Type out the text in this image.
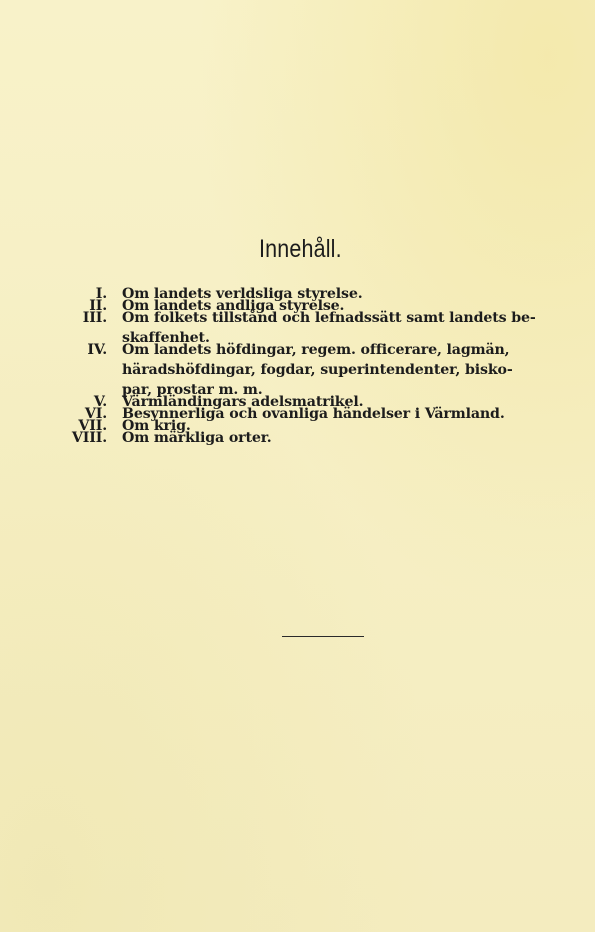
Innehåll.
I. Om landets verldsliga styrelse.
II. Om landets andliga styrelse.
III. Om folkets tillstånd och lefnadssätt samt landets be-
skaffenhet.
IV. Om landets höfdingar, regem. officerare, lagmän,
häradshöfdingar, fogdar, superintendenter, bisko-
par, prostar m. m.
V. Värmländingars adelsmatrikel.
VI. Besynnerliga och ovanliga händelser i Värmland.
VII. Om krig.
VIII. Om märkliga orter.
